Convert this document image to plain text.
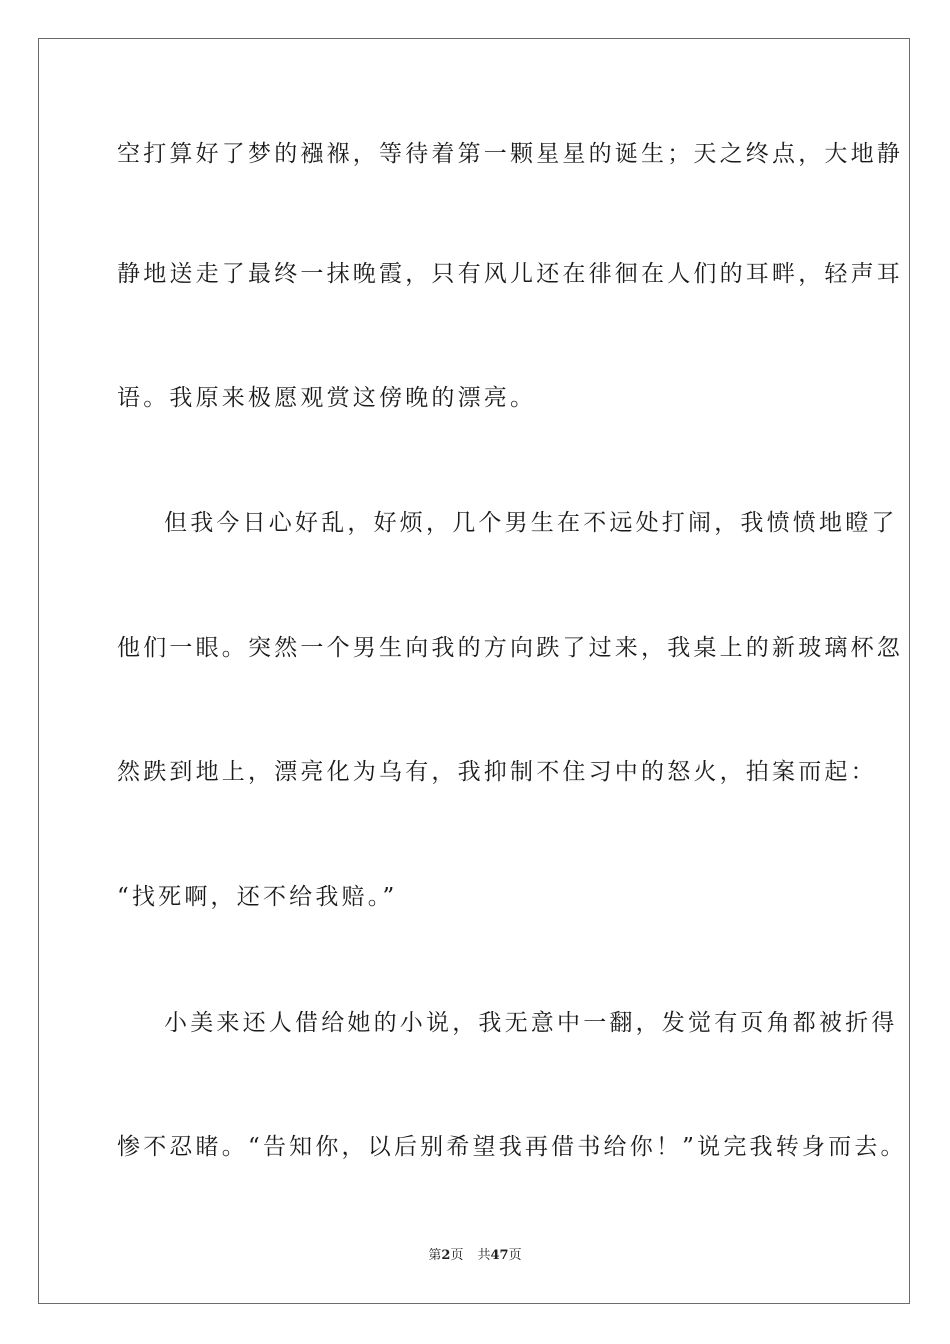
空打算好了梦的襁褓，等待着第一颗星星的诞生；天之终点，大地静

静地送走了最终一抹晚霞，只有风儿还在徘徊在人们的耳畔，轻声耳

语。我原来极愿观赏这傍晚的漂亮。

但我今日心好乱，好烦，几个男生在不远处打闹，我愤愤地瞪了

他们一眼。突然一个男生向我的方向跌了过来，我桌上的新玻璃杯忽

然跌到地上，漂亮化为乌有，我抑制不住习中的怒火，拍案而起：

“找死啊，还不给我赔。”

小美来还人借给她的小说，我无意中一翻，发觉有页角都被折得

惨不忍睹。“告知你，以后别希望我再借书给你！”说完我转身而去。

第2页 共47页
